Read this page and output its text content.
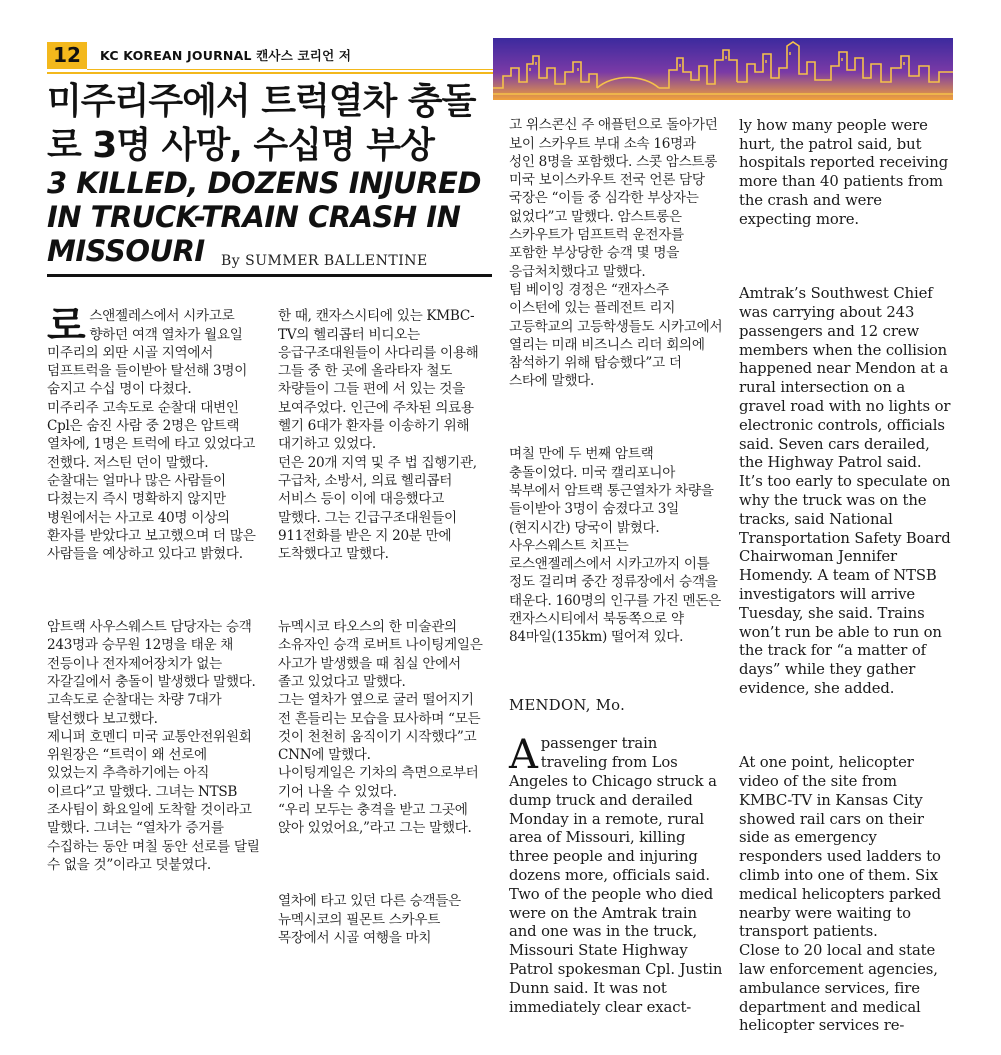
12	KC KOREAN JOURNAL 캔사스 코리언 저
미주리주에서 트럭열차 충돌로 3명 사망, 수십명 부상
3 KILLED, DOZENS INJURED IN TRUCK-TRAIN CRASH IN MISSOURI	By SUMMER BALLENTINE

로스앤젤레스에서 시카고로 향하던 여객 열차가 월요일 미주리의 외딴 시골 지역에서 덤프트럭을 들이받아 탈선해 3명이 숨지고 수십 명이 다쳤다.
미주리주 고속도로 순찰대 대변인 Cpl은 숨진 사람 중 2명은 암트랙 열차에, 1명은 트럭에 타고 있었다고 전했다. 저스틴 던이 말했다. 순찰대는 얼마나 많은 사람들이 다쳤는지 즉시 명확하지 않지만 병원에서는 사고로 40명 이상의 환자를 받았다고 보고했으며 더 많은 사람들을 예상하고 있다고 밝혔다.

암트랙 사우스웨스트 담당자는 승객 243명과 승무원 12명을 태운 채 전등이나 전자제어장치가 없는 자갈길에서 충돌이 발생했다 말했다. 고속도로 순찰대는 차량 7대가 탈선했다 보고했다.
제니퍼 호멘디 미국 교통안전위원회 위원장은 “트럭이 왜 선로에 있었는지 추측하기에는 아직 이르다”고 말했다. 그녀는 NTSB 조사팀이 화요일에 도착할 것이라고 말했다. 그녀는 “열차가 증거를 수집하는 동안 며칠 동안 선로를 달릴 수 없을 것”이라고 덧붙였다.

한 때, 캔자스시티에 있는 KMBC-TV의 헬리콥터 비디오는 응급구조대원들이 사다리를 이용해 그들 중 한 곳에 올라타자 철도 차량들이 그들 편에 서 있는 것을 보여주었다. 인근에 주차된 의료용 헬기 6대가 환자를 이송하기 위해 대기하고 있었다.
던은 20개 지역 및 주 법 집행기관, 구급차, 소방서, 의료 헬리콥터 서비스 등이 이에 대응했다고 말했다. 그는 긴급구조대원들이 911전화를 받은 지 20분 만에 도착했다고 말했다.

뉴멕시코 타오스의 한 미술관의 소유자인 승객 로버트 나이팅게일은 사고가 발생했을 때 침실 안에서 졸고 있었다고 말했다.
그는 열차가 옆으로 굴러 떨어지기 전 흔들리는 모습을 묘사하며 “모든 것이 천천히 움직이기 시작했다”고 CNN에 말했다.
나이팅게일은 기차의 측면으로부터 기어 나올 수 있었다.
“우리 모두는 충격을 받고 그곳에 앉아 있었어요,”라고 그는 말했다.

열차에 타고 있던 다른 승객들은 뉴멕시코의 필몬트 스카우트 목장에서 시골 여행을 마치

고 위스콘신 주 애플턴으로 돌아가던 보이 스카우트 부대 소속 16명과 성인 8명을 포함했다. 스콧 암스트롱 미국 보이스카우트 전국 언론 담당 국장은 “이들 중 심각한 부상자는 없었다”고 말했다. 암스트롱은 스카우트가 덤프트럭 운전자를 포함한 부상당한 승객 몇 명을 응급처치했다고 말했다.
팀 베이잉 경정은 “캔자스주 이스턴에 있는 플레전트 리지 고등학교의 고등학생들도 시카고에서 열리는 미래 비즈니스 리더 회의에 참석하기 위해 탑승했다”고 더 스타에 말했다.

며칠 만에 두 번째 암트랙 충돌이었다. 미국 캘리포니아 북부에서 암트랙 통근열차가 차량을 들이받아 3명이 숨졌다고 3일(현지시간) 당국이 밝혔다.
사우스웨스트 치프는 로스앤젤레스에서 시카고까지 이틀 정도 걸리며 중간 정류장에서 승객을 태운다. 160명의 인구를 가진 멘돈은 캔자스시티에서 북동쪽으로 약 84마일(135km) 떨어져 있다.

MENDON, Mo.

A passenger train traveling from Los Angeles to Chicago struck a dump truck and derailed Monday in a remote, rural area of Missouri, killing three people and injuring dozens more, officials said.
Two of the people who died were on the Amtrak train and one was in the truck, Missouri State Highway Patrol spokesman Cpl. Justin Dunn said. It was not immediately clear exact-

ly how many people were hurt, the patrol said, but hospitals reported receiving more than 40 patients from the crash and were expecting more.

Amtrak’s Southwest Chief was carrying about 243 passengers and 12 crew members when the collision happened near Mendon at a rural intersection on a gravel road with no lights or electronic controls, officials said. Seven cars derailed, the Highway Patrol said.
It’s too early to speculate on why the truck was on the tracks, said National Transportation Safety Board Chairwoman Jennifer Homendy. A team of NTSB investigators will arrive Tuesday, she said. Trains won’t run be able to run on the track for “a matter of days” while they gather evidence, she added.

At one point, helicopter video of the site from KMBC-TV in Kansas City showed rail cars on their side as emergency responders used ladders to climb into one of them. Six medical helicopters parked nearby were waiting to transport patients.
Close to 20 local and state law enforcement agencies, ambulance services, fire department and medical helicopter services re-
